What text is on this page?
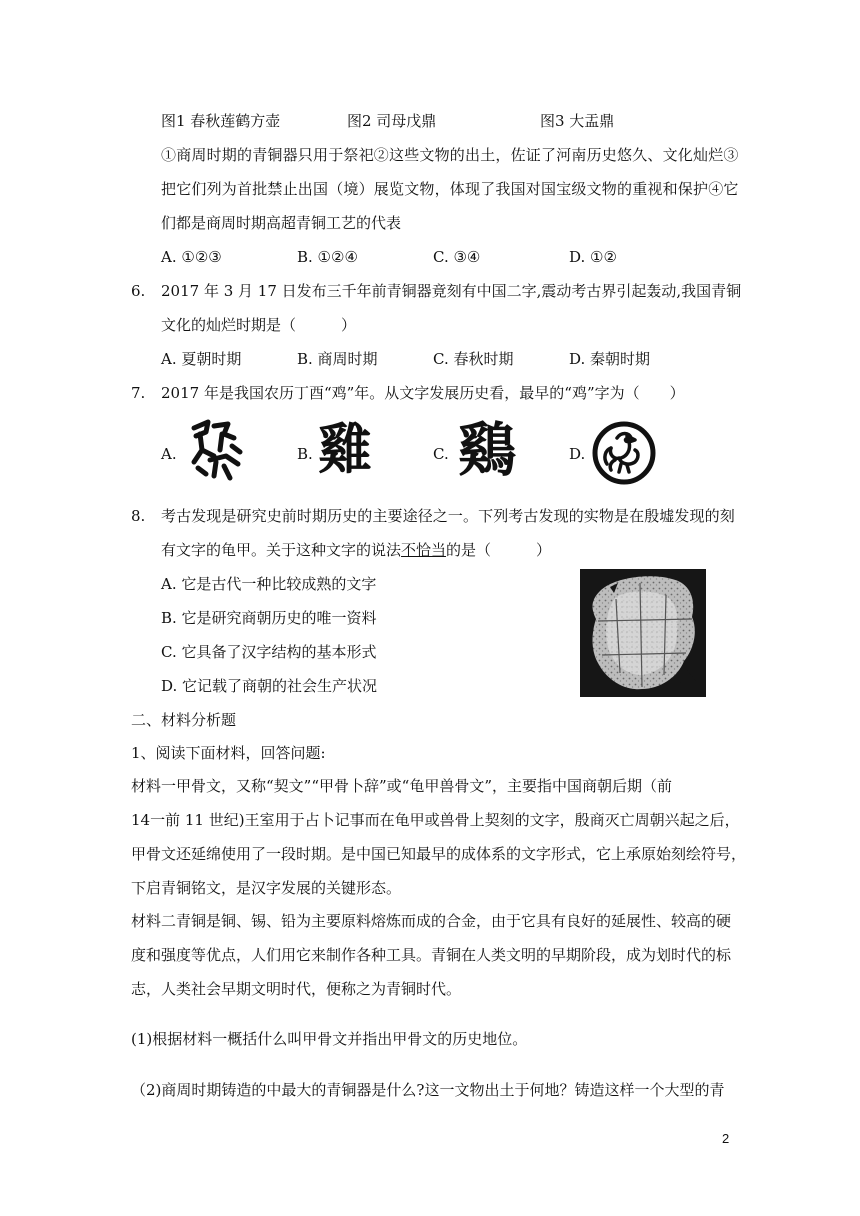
图1 春秋莲鹤方壶	图2 司母戊鼎	图3 大盂鼎
①商周时期的青铜器只用于祭祀②这些文物的出土，佐证了河南历史悠久、文化灿烂③
把它们列为首批禁止出国（境）展览文物，体现了我国对国宝级文物的重视和保护④它
们都是商周时期高超青铜工艺的代表
A. ①②③	B. ①②④	C. ③④	D. ①②
6. 2017 年 3 月 17 日发布三千年前青铜器竟刻有中国二字,震动考古界引起轰动,我国青铜
文化的灿烂时期是（　　　）
A. 夏朝时期	B. 商周时期	C. 春秋时期	D. 秦朝时期
7. 2017 年是我国农历丁酉“鸡”年。从文字发展历史看，最早的“鸡”字为（　　）
A.	B. 雞	C. 鷄	D.
8. 考古发现是研究史前时期历史的主要途径之一。下列考古发现的实物是在殷墟发现的刻
有文字的龟甲。关于这种文字的说法不恰当的是（　　　）
A. 它是古代一种比较成熟的文字
B. 它是研究商朝历史的唯一资料
C. 它具备了汉字结构的基本形式
D. 它记载了商朝的社会生产状况
二、材料分析题
1、阅读下面材料，回答问题:
材料一甲骨文，又称“契文”“甲骨卜辞”或“龟甲兽骨文”，主要指中国商朝后期（前
14一前 11 世纪)王室用于占卜记事而在龟甲或兽骨上契刻的文字，殷商灭亡周朝兴起之后，
甲骨文还延绵使用了一段时期。是中国已知最早的成体系的文字形式，它上承原始刻绘符号，
下启青铜铭文，是汉字发展的关键形态。
材料二青铜是铜、锡、铅为主要原料熔炼而成的合金，由于它具有良好的延展性、较高的硬
度和强度等优点，人们用它来制作各种工具。青铜在人类文明的早期阶段，成为划时代的标
志，人类社会早期文明时代，便称之为青铜时代。
(1)根据材料一概括什么叫甲骨文并指出甲骨文的历史地位。
（2)商周时期铸造的中最大的青铜器是什么?这一文物出土于何地？铸造这样一个大型的青
2
